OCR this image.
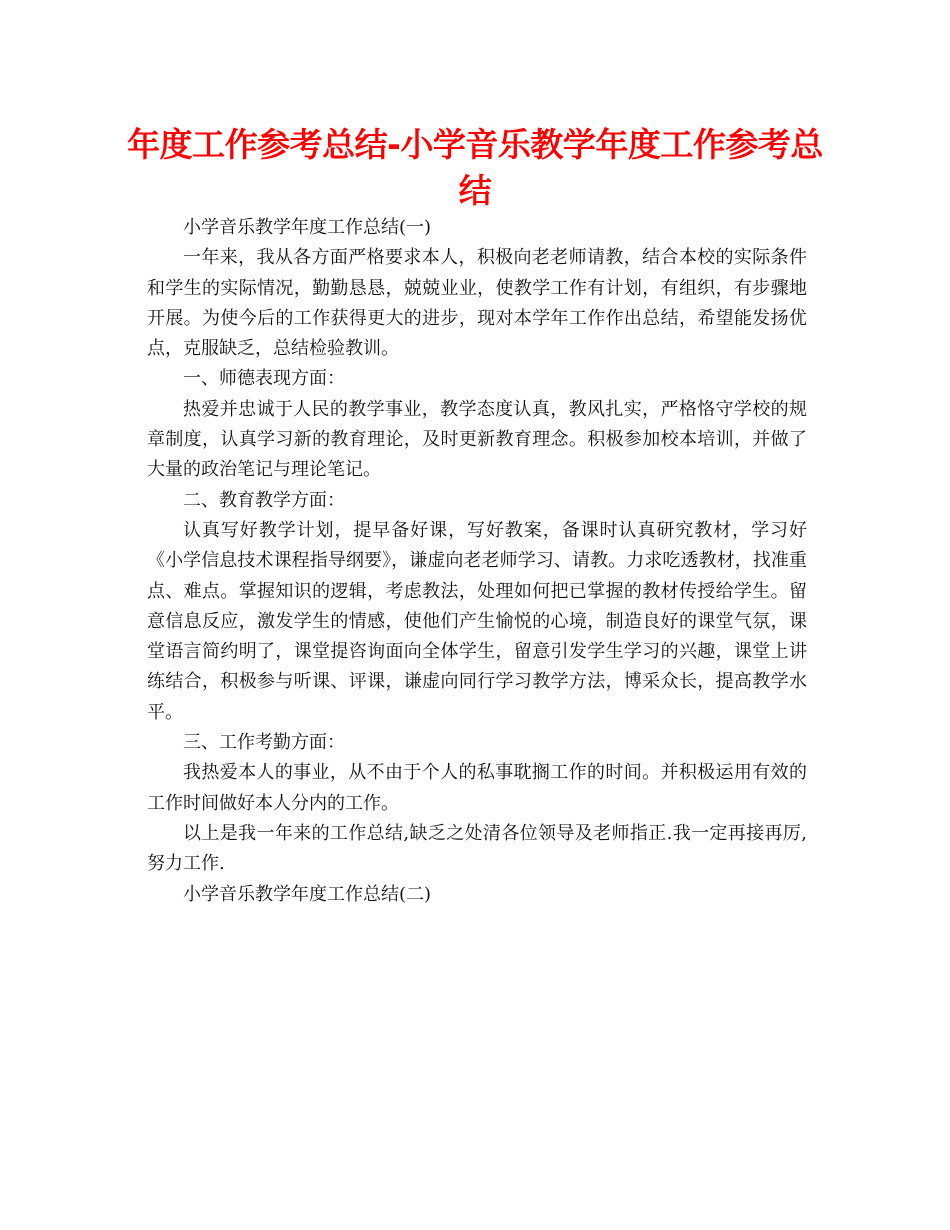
年度工作参考总结-小学音乐教学年度工作参考总结

小学音乐教学年度工作总结(一)

一年来，我从各方面严格要求本人，积极向老老师请教，结合本校的实际条件和学生的实际情况，勤勤恳恳，兢兢业业，使教学工作有计划，有组织，有步骤地开展。为使今后的工作获得更大的进步，现对本学年工作作出总结，希望能发扬优点，克服缺乏，总结检验教训。

一、师德表现方面：

热爱并忠诚于人民的教学事业，教学态度认真，教风扎实，严格恪守学校的规章制度，认真学习新的教育理论，及时更新教育理念。积极参加校本培训，并做了大量的政治笔记与理论笔记。

二、教育教学方面：

认真写好教学计划，提早备好课，写好教案，备课时认真研究教材，学习好《小学信息技术课程指导纲要》，谦虚向老老师学习、请教。力求吃透教材，找准重点、难点。掌握知识的逻辑，考虑教法，处理如何把已掌握的教材传授给学生。留意信息反应，激发学生的情感，使他们产生愉悦的心境，制造良好的课堂气氛，课堂语言简约明了，课堂提咨询面向全体学生，留意引发学生学习的兴趣，课堂上讲练结合，积极参与听课、评课，谦虚向同行学习教学方法，博采众长，提高教学水平。

三、工作考勤方面：

我热爱本人的事业，从不由于个人的私事耽搁工作的时间。并积极运用有效的工作时间做好本人分内的工作。

以上是我一年来的工作总结,缺乏之处清各位领导及老师指正.我一定再接再厉,努力工作.

小学音乐教学年度工作总结(二)
